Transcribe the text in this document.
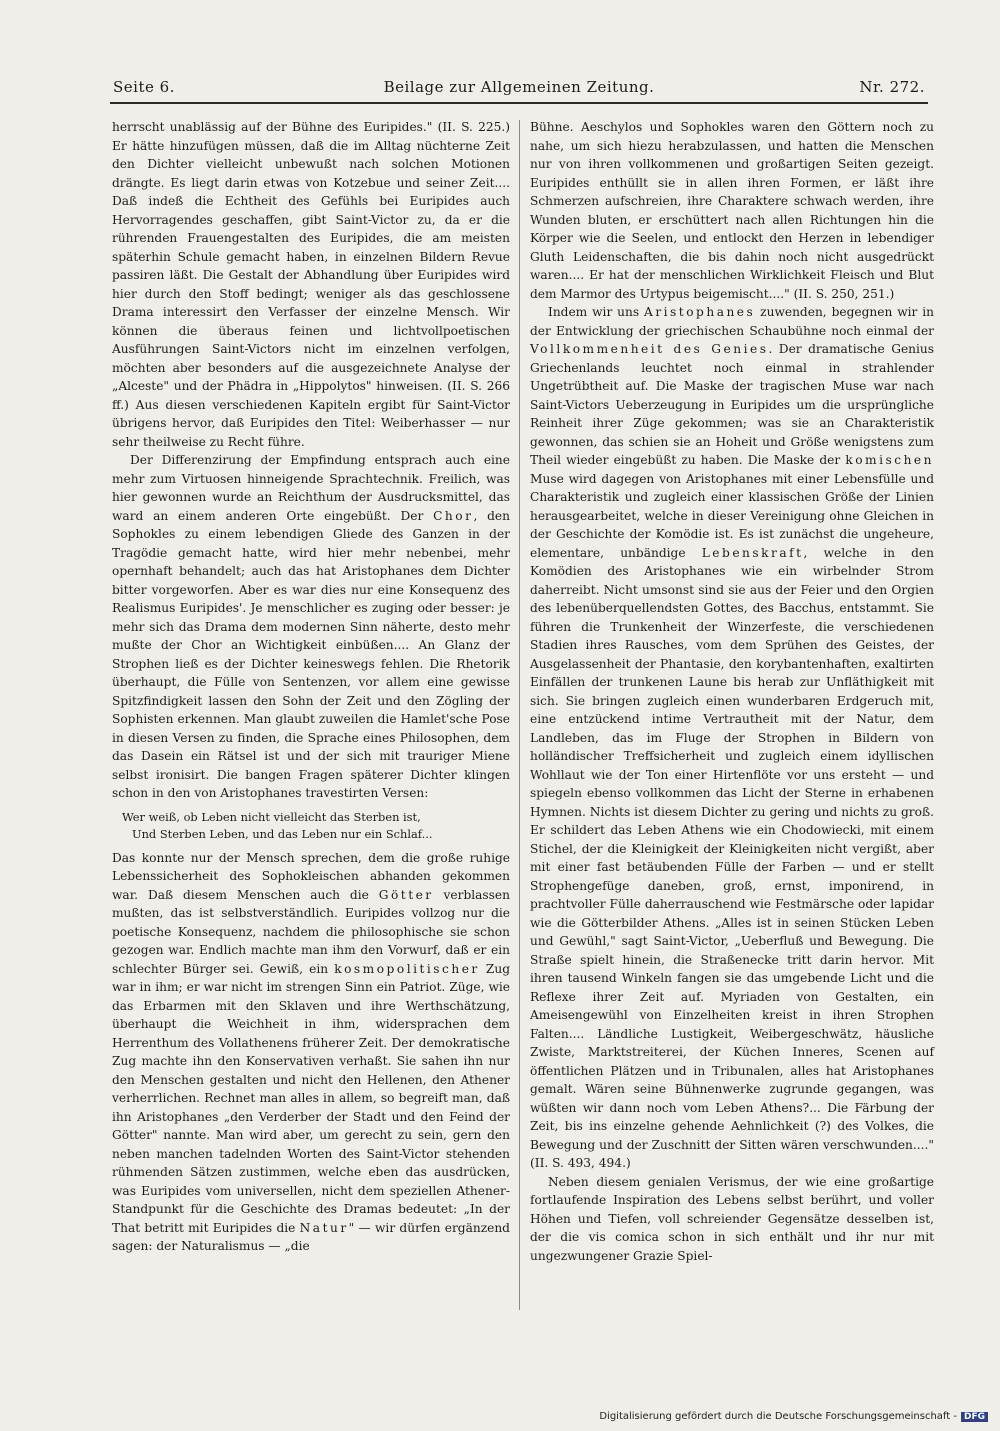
Seite 6.	Beilage zur Allgemeinen Zeitung.	Nr. 272.

herrscht unablässig auf der Bühne des Euripides." (II. S. 225.) Er hätte hinzufügen müssen, daß die im Alltag nüchterne Zeit den Dichter vielleicht unbewußt nach solchen Motionen drängte. Es liegt darin etwas von Kotzebue und seiner Zeit.... Daß indeß die Echtheit des Gefühls bei Euripides auch Hervorragendes geschaffen, gibt Saint-Victor zu, da er die rührenden Frauengestalten des Euripides, die am meisten späterhin Schule gemacht haben, in einzelnen Bildern Revue passiren läßt. Die Gestalt der Abhandlung über Euripides wird hier durch den Stoff bedingt; weniger als das geschlossene Drama interessirt den Verfasser der einzelne Mensch. Wir können die überaus feinen und lichtvollpoetischen Ausführungen Saint-Victors nicht im einzelnen verfolgen, möchten aber besonders auf die ausgezeichnete Analyse der „Alceste" und der Phädra in „Hippolytos" hinweisen. (II. S. 266 ff.) Aus diesen verschiedenen Kapiteln ergibt für Saint-Victor übrigens hervor, daß Euripides den Titel: Weiberhasser — nur sehr theilweise zu Recht führe.

Der Differenzirung der Empfindung entsprach auch eine mehr zum Virtuosen hinneigende Sprachtechnik. Freilich, was hier gewonnen wurde an Reichthum der Ausdrucksmittel, das ward an einem anderen Orte eingebüßt. Der Chor, den Sophokles zu einem lebendigen Gliede des Ganzen in der Tragödie gemacht hatte, wird hier mehr nebenbei, mehr opernhaft behandelt; auch das hat Aristophanes dem Dichter bitter vorgeworfen. Aber es war dies nur eine Konsequenz des Realismus Euripides'. Je menschlicher es zuging oder besser: je mehr sich das Drama dem modernen Sinn näherte, desto mehr mußte der Chor an Wichtigkeit einbüßen.... An Glanz der Strophen ließ es der Dichter keineswegs fehlen. Die Rhetorik überhaupt, die Fülle von Sentenzen, vor allem eine gewisse Spitzfindigkeit lassen den Sohn der Zeit und den Zögling der Sophisten erkennen. Man glaubt zuweilen die Hamlet'sche Pose in diesen Versen zu finden, die Sprache eines Philosophen, dem das Dasein ein Rätsel ist und der sich mit trauriger Miene selbst ironisirt. Die bangen Fragen späterer Dichter klingen schon in den von Aristophanes travestirten Versen:

Wer weiß, ob Leben nicht vielleicht das Sterben ist,
Und Sterben Leben, und das Leben nur ein Schlaf...

Das konnte nur der Mensch sprechen, dem die große ruhige Lebenssicherheit des Sophokleischen abhanden gekommen war. Daß diesem Menschen auch die Götter verblassen mußten, das ist selbstverständlich. Euripides vollzog nur die poetische Konsequenz, nachdem die philosophische sie schon gezogen war. Endlich machte man ihm den Vorwurf, daß er ein schlechter Bürger sei. Gewiß, ein kosmopolitischer Zug war in ihm; er war nicht im strengen Sinn ein Patriot. Züge, wie das Erbarmen mit den Sklaven und ihre Werthschätzung, überhaupt die Weichheit in ihm, widersprachen dem Herrenthum des Vollathenens früherer Zeit. Der demokratische Zug machte ihn den Konservativen verhaßt. Sie sahen ihn nur den Menschen gestalten und nicht den Hellenen, den Athener verherrlichen. Rechnet man alles in allem, so begreift man, daß ihn Aristophanes „den Verderber der Stadt und den Feind der Götter" nannte. Man wird aber, um gerecht zu sein, gern den neben manchen tadelnden Worten des Saint-Victor stehenden rühmenden Sätzen zustimmen, welche eben das ausdrücken, was Euripides vom universellen, nicht dem speziellen Athener-Standpunkt für die Geschichte des Dramas bedeutet: „In der That betritt mit Euripides die Natur" — wir dürfen ergänzend sagen: der Naturalismus — „die

Bühne. Aeschylos und Sophokles waren den Göttern noch zu nahe, um sich hiezu herabzulassen, und hatten die Menschen nur von ihren vollkommenen und großartigen Seiten gezeigt. Euripides enthüllt sie in allen ihren Formen, er läßt ihre Schmerzen aufschreien, ihre Charaktere schwach werden, ihre Wunden bluten, er erschüttert nach allen Richtungen hin die Körper wie die Seelen, und entlockt den Herzen in lebendiger Gluth Leidenschaften, die bis dahin noch nicht ausgedrückt waren.... Er hat der menschlichen Wirklichkeit Fleisch und Blut dem Marmor des Urtypus beigemischt...." (II. S. 250, 251.)

Indem wir uns Aristophanes zuwenden, begegnen wir in der Entwicklung der griechischen Schaubühne noch einmal der Vollkommenheit des Genies. Der dramatische Genius Griechenlands leuchtet noch einmal in strahlender Ungetrübtheit auf. Die Maske der tragischen Muse war nach Saint-Victors Ueberzeugung in Euripides um die ursprüngliche Reinheit ihrer Züge gekommen; was sie an Charakteristik gewonnen, das schien sie an Hoheit und Größe wenigstens zum Theil wieder eingebüßt zu haben. Die Maske der komischen Muse wird dagegen von Aristophanes mit einer Lebensfülle und Charakteristik und zugleich einer klassischen Größe der Linien herausgearbeitet, welche in dieser Vereinigung ohne Gleichen in der Geschichte der Komödie ist. Es ist zunächst die ungeheure, elementare, unbändige Lebenskraft, welche in den Komödien des Aristophanes wie ein wirbelnder Strom daherreibt. Nicht umsonst sind sie aus der Feier und den Orgien des lebenüberquellendsten Gottes, des Bacchus, entstammt. Sie führen die Trunkenheit der Winzerfeste, die verschiedenen Stadien ihres Rausches, vom dem Sprühen des Geistes, der Ausgelassenheit der Phantasie, den korybantenhaften, exaltirten Einfällen der trunkenen Laune bis herab zur Unfläthigkeit mit sich. Sie bringen zugleich einen wunderbaren Erdgeruch mit, eine entzückend intime Vertrautheit mit der Natur, dem Landleben, das im Fluge der Strophen in Bildern von holländischer Treffsicherheit und zugleich einem idyllischen Wohllaut wie der Ton einer Hirtenflöte vor uns ersteht — und spiegeln ebenso vollkommen das Licht der Sterne in erhabenen Hymnen. Nichts ist diesem Dichter zu gering und nichts zu groß. Er schildert das Leben Athens wie ein Chodowiecki, mit einem Stichel, der die Kleinigkeit der Kleinigkeiten nicht vergißt, aber mit einer fast betäubenden Fülle der Farben — und er stellt Strophengefüge daneben, groß, ernst, imponirend, in prachtvoller Fülle daherrauschend wie Festmärsche oder lapidar wie die Götterbilder Athens. „Alles ist in seinen Stücken Leben und Gewühl," sagt Saint-Victor, „Ueberfluß und Bewegung. Die Straße spielt hinein, die Straßenecke tritt darin hervor. Mit ihren tausend Winkeln fangen sie das umgebende Licht und die Reflexe ihrer Zeit auf. Myriaden von Gestalten, ein Ameisengewühl von Einzelheiten kreist in ihren Strophen Falten.... Ländliche Lustigkeit, Weibergeschwätz, häusliche Zwiste, Marktstreiterei, der Küchen Inneres, Scenen auf öffentlichen Plätzen und in Tribunalen, alles hat Aristophanes gemalt. Wären seine Bühnenwerke zugrunde gegangen, was wüßten wir dann noch vom Leben Athens?... Die Färbung der Zeit, bis ins einzelne gehende Aehnlichkeit (?) des Volkes, die Bewegung und der Zuschnitt der Sitten wären verschwunden...." (II. S. 493, 494.)

Neben diesem genialen Verismus, der wie eine großartige fortlaufende Inspiration des Lebens selbst berührt, und voller Höhen und Tiefen, voll schreiender Gegensätze desselben ist, der die vis comica schon in sich enthält und ihr nur mit ungezwungener Grazie Spiel-

Digitalisierung gefördert durch die Deutsche Forschungsgemeinschaft - DFG
